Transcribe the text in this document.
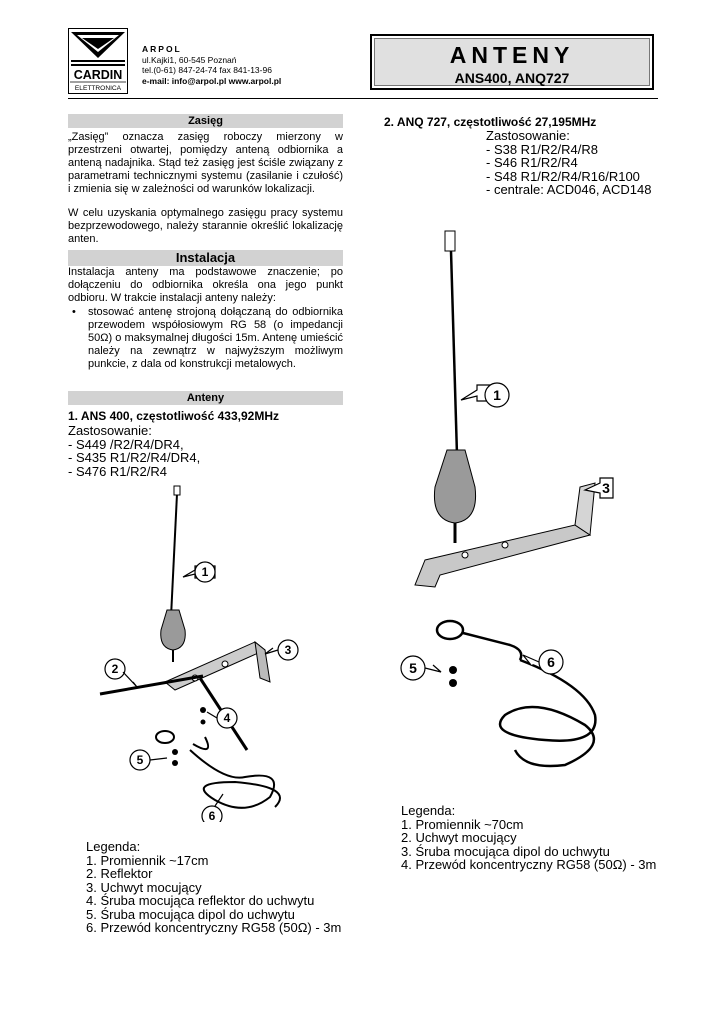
CARDIN
ELETTRONICA
ARPOL
ul.Kajki1, 60-545 Poznań
tel.(0-61) 847-24-74 fax 841-13-96
e-mail: info@arpol.pl www.arpol.pl
ANTENY
ANS400, ANQ727
Zasięg
„Zasięg” oznacza zasięg roboczy mierzony w przestrzeni otwartej, pomiędzy anteną odbiornika a anteną nadajnika. Stąd też zasięg jest ściśle związany z parametrami technicznymi systemu (zasilanie i czułość) i zmienia się w zależności od warunków lokalizacji.
W celu uzyskania optymalnego zasięgu pracy systemu bezprzewodowego, należy starannie określić lokalizację anten.
Instalacja
Instalacja anteny ma podstawowe znaczenie; po dołączeniu do odbiornika określa ona jego punkt odbioru. W trakcie instalacji anteny należy:
• stosować antenę strojoną dołączaną do odbiornika przewodem współosiowym RG 58 (o impedancji 50Ω) o maksymalnej długości 15m. Antenę umieścić należy na zewnątrz w najwyższym możliwym punkcie, z dala od konstrukcji metalowych.
Anteny
1. ANS 400, częstotliwość 433,92MHz
Zastosowanie:
- S449 /R2/R4/DR4,
- S435 R1/R2/R4/DR4,
- S476 R1/R2/R4
1
2
3
4
5
6
Legenda:
1. Promiennik ~17cm
2. Reflektor
3. Uchwyt mocujący
4. Śruba mocująca reflektor do uchwytu
5. Śruba mocująca dipol do uchwytu
6. Przewód koncentryczny RG58 (50Ω) - 3m
2. ANQ 727, częstotliwość 27,195MHz
Zastosowanie:
- S38 R1/R2/R4/R8
- S46 R1/R2/R4
- S48 R1/R2/R4/R16/R100
- centrale: ACD046, ACD148
1
3
5	6
Legenda:
1. Promiennik ~70cm
2. Uchwyt mocujący
3. Śruba mocująca dipol do uchwytu
4. Przewód koncentryczny RG58 (50Ω) - 3m
